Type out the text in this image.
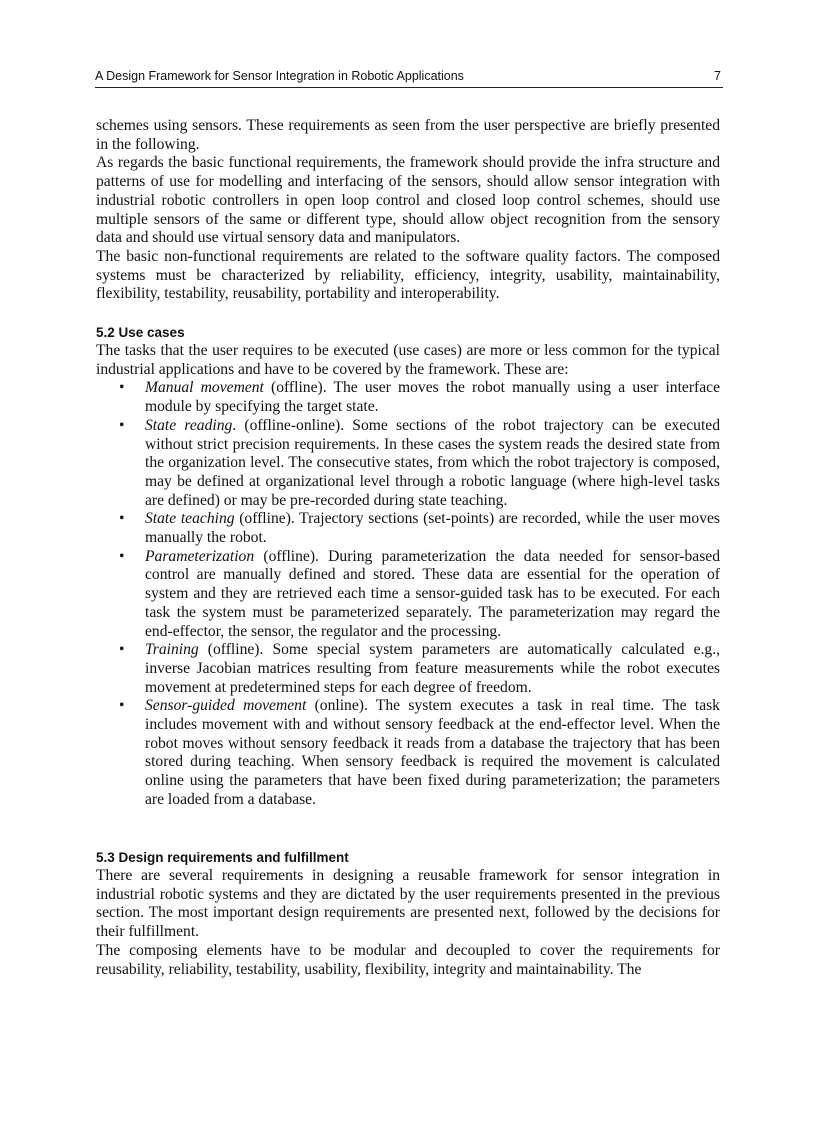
A Design Framework for Sensor Integration in Robotic Applications	7

schemes using sensors. These requirements as seen from the user perspective are briefly presented in the following.

As regards the basic functional requirements, the framework should provide the infra structure and patterns of use for modelling and interfacing of the sensors, should allow sensor integration with industrial robotic controllers in open loop control and closed loop control schemes, should use multiple sensors of the same or different type, should allow object recognition from the sensory data and should use virtual sensory data and manipulators.

The basic non-functional requirements are related to the software quality factors. The composed systems must be characterized by reliability, efficiency, integrity, usability, maintainability, flexibility, testability, reusability, portability and interoperability.

5.2 Use cases

The tasks that the user requires to be executed (use cases) are more or less common for the typical industrial applications and have to be covered by the framework. These are:

• Manual movement (offline). The user moves the robot manually using a user interface module by specifying the target state.
• State reading. (offline-online). Some sections of the robot trajectory can be executed without strict precision requirements. In these cases the system reads the desired state from the organization level. The consecutive states, from which the robot trajectory is composed, may be defined at organizational level through a robotic language (where high-level tasks are defined) or may be pre-recorded during state teaching.
• State teaching (offline). Trajectory sections (set-points) are recorded, while the user moves manually the robot.
• Parameterization (offline). During parameterization the data needed for sensor-based control are manually defined and stored. These data are essential for the operation of system and they are retrieved each time a sensor-guided task has to be executed. For each task the system must be parameterized separately. The parameterization may regard the end-effector, the sensor, the regulator and the processing.
• Training (offline). Some special system parameters are automatically calculated e.g., inverse Jacobian matrices resulting from feature measurements while the robot executes movement at predetermined steps for each degree of freedom.
• Sensor-guided movement (online). The system executes a task in real time. The task includes movement with and without sensory feedback at the end-effector level. When the robot moves without sensory feedback it reads from a database the trajectory that has been stored during teaching. When sensory feedback is required the movement is calculated online using the parameters that have been fixed during parameterization; the parameters are loaded from a database.
5.3 Design requirements and fulfillment

There are several requirements in designing a reusable framework for sensor integration in industrial robotic systems and they are dictated by the user requirements presented in the previous section. The most important design requirements are presented next, followed by the decisions for their fulfillment.

The composing elements have to be modular and decoupled to cover the requirements for reusability, reliability, testability, usability, flexibility, integrity and maintainability. The
